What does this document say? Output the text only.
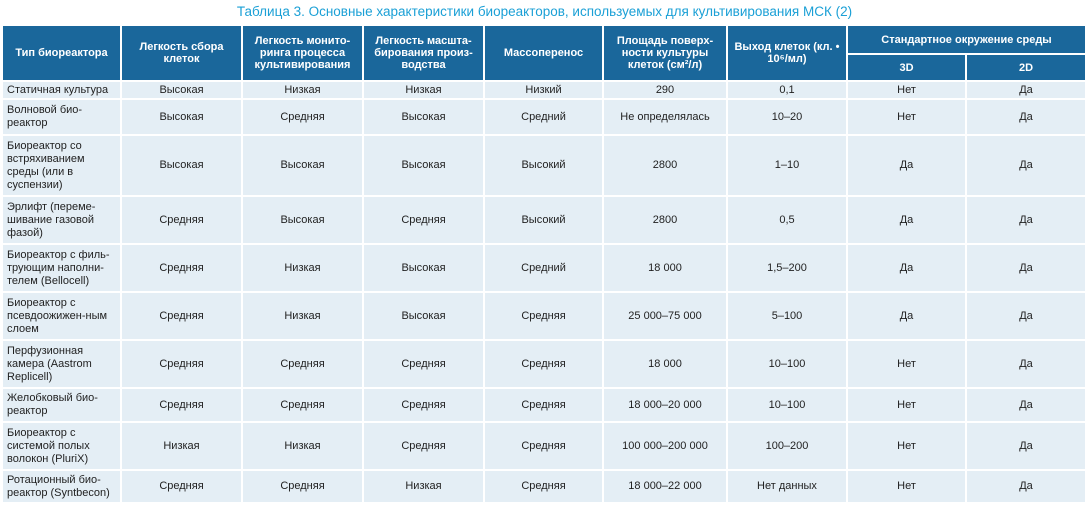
Таблица 3. Основные характеристики биореакторов, используемых для культивирования МСК (2)
Тип биореактора	Легкость сбора клеток	Легкость монито-ринга процесса культивирования	Легкость масшта-бирования произ-водства	Массоперенос	Площадь поверх-ности культуры клеток (см²/л)	Выход клеток (кл. • 10⁶/мл)	Стандартное окружение среды	
							3D	2D
Статичная культура	Высокая	Низкая	Низкая	Низкий	290	0,1	Нет	Да
Волновой био-реактор	Высокая	Средняя	Высокая	Средний	Не определялась	10–20	Нет	Да
Биореактор со встряхиванием среды (или в суспензии)	Высокая	Высокая	Высокая	Высокий	2800	1–10	Да	Да
Эрлифт (переме-шивание газовой фазой)	Средняя	Высокая	Средняя	Высокий	2800	0,5	Да	Да
Биореактор с филь-трующим наполни-телем (Bellocell)	Средняя	Низкая	Высокая	Средний	18 000	1,5–200	Да	Да
Биореактор с псевдоожижен-ным слоем	Средняя	Низкая	Высокая	Средняя	25 000–75 000	5–100	Да	Да
Перфузионная камера (Aastrom Replicell)	Средняя	Средняя	Средняя	Средняя	18 000	10–100	Нет	Да
Желобковый био-реактор	Средняя	Средняя	Средняя	Средняя	18 000–20 000	10–100	Нет	Да
Биореактор с системой полых волокон (PluriX)	Низкая	Низкая	Средняя	Средняя	100 000–200 000	100–200	Нет	Да
Ротационный био-реактор (Syntbecon)	Средняя	Средняя	Низкая	Средняя	18 000–22 000	Нет данных	Нет	Да
